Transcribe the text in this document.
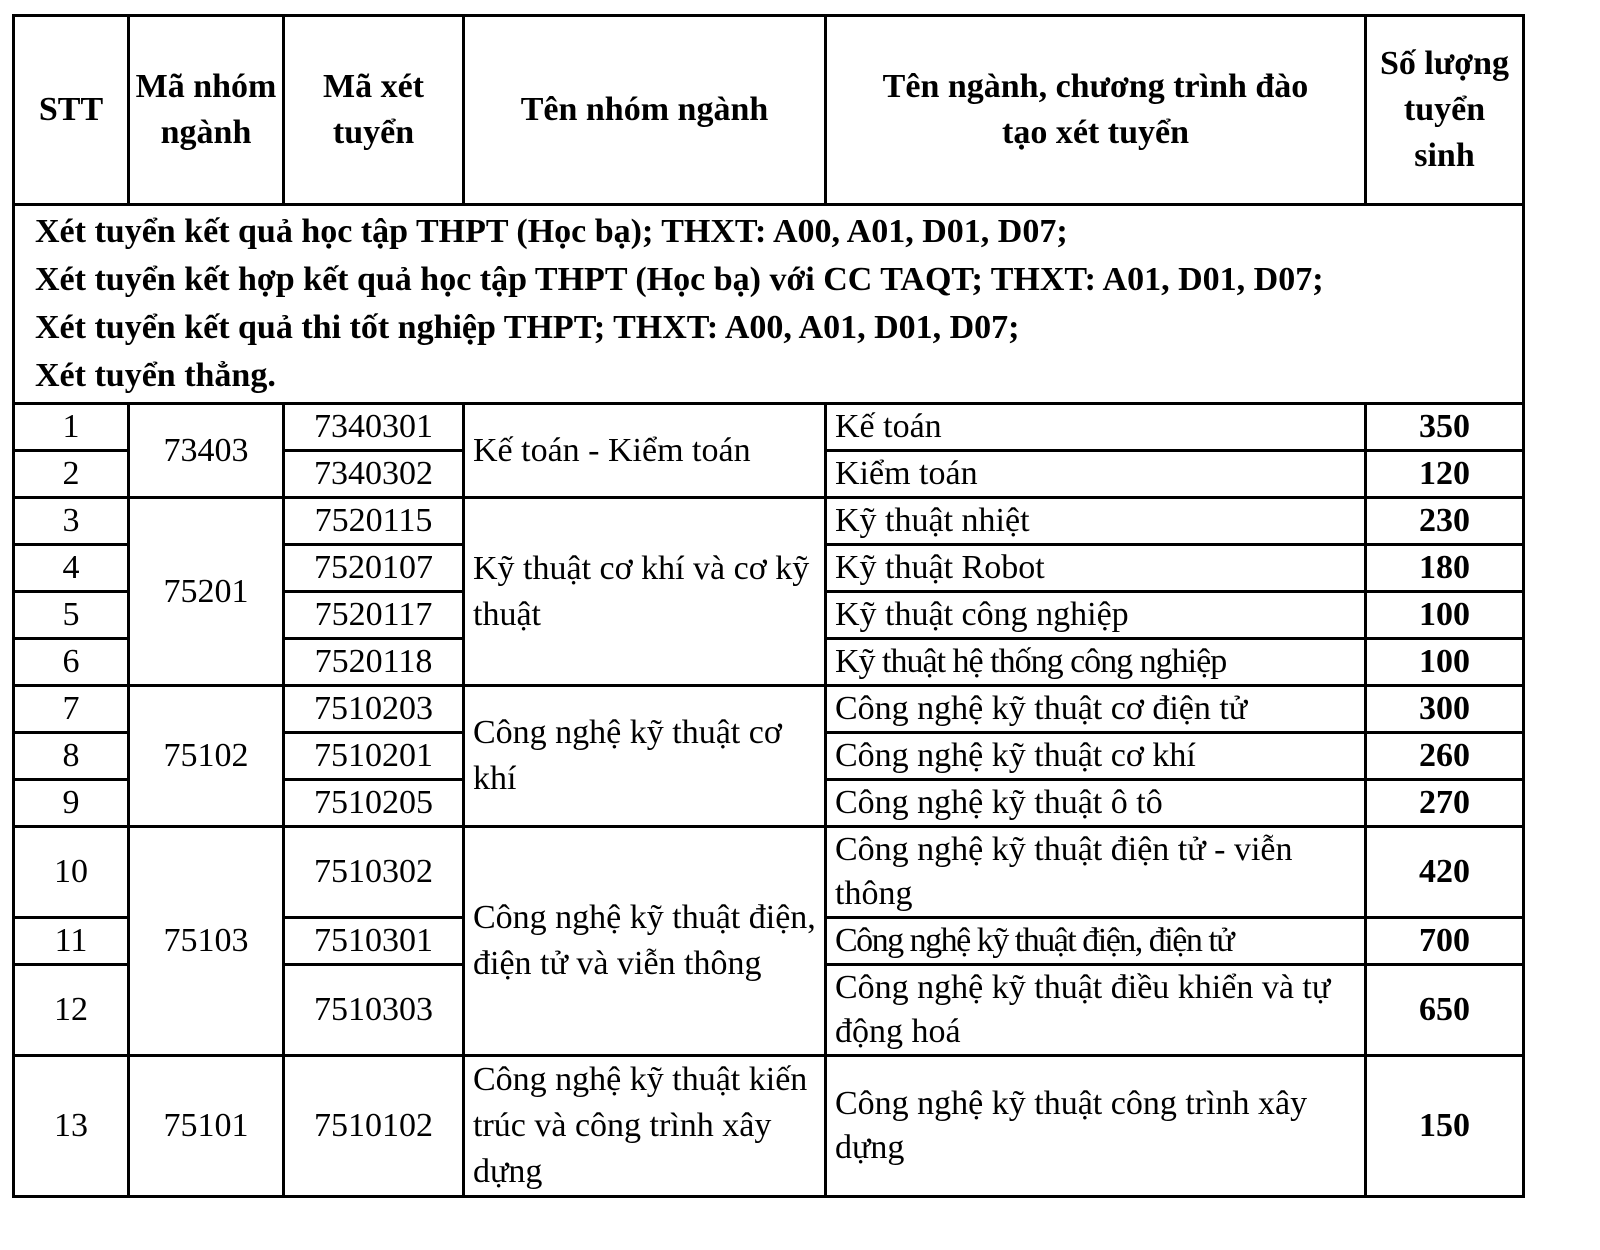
STT	Mã nhóm ngành	Mã xét tuyển	Tên nhóm ngành	Tên ngành, chương trình đào tạo xét tuyển	Số lượng tuyển sinh

Xét tuyển kết quả học tập THPT (Học bạ); THXT: A00, A01, D01, D07;
Xét tuyển kết hợp kết quả học tập THPT (Học bạ) với CC TAQT; THXT: A01, D01, D07;
Xét tuyển kết quả thi tốt nghiệp THPT; THXT: A00, A01, D01, D07;
Xét tuyển thẳng.					

1	73403	7340301	Kế toán - Kiểm toán	Kế toán	350
2		7340302		Kiểm toán	120
3	75201	7520115	Kỹ thuật cơ khí và cơ kỹ thuật	Kỹ thuật nhiệt	230
4		7520107		Kỹ thuật Robot	180
5		7520117		Kỹ thuật công nghiệp	100
6		7520118		Kỹ thuật hệ thống công nghiệp	100
7	75102	7510203	Công nghệ kỹ thuật cơ khí	Công nghệ kỹ thuật cơ điện tử	300
8		7510201		Công nghệ kỹ thuật cơ khí	260
9		7510205		Công nghệ kỹ thuật ô tô	270
10	75103	7510302	Công nghệ kỹ thuật điện, điện tử và viễn thông	Công nghệ kỹ thuật điện tử - viễn thông	420
11		7510301		Công nghệ kỹ thuật điện, điện tử	700
12		7510303		Công nghệ kỹ thuật điều khiển và tự động hoá	650
13	75101	7510102	Công nghệ kỹ thuật kiến trúc và công trình xây dựng	Công nghệ kỹ thuật công trình xây dựng	150
